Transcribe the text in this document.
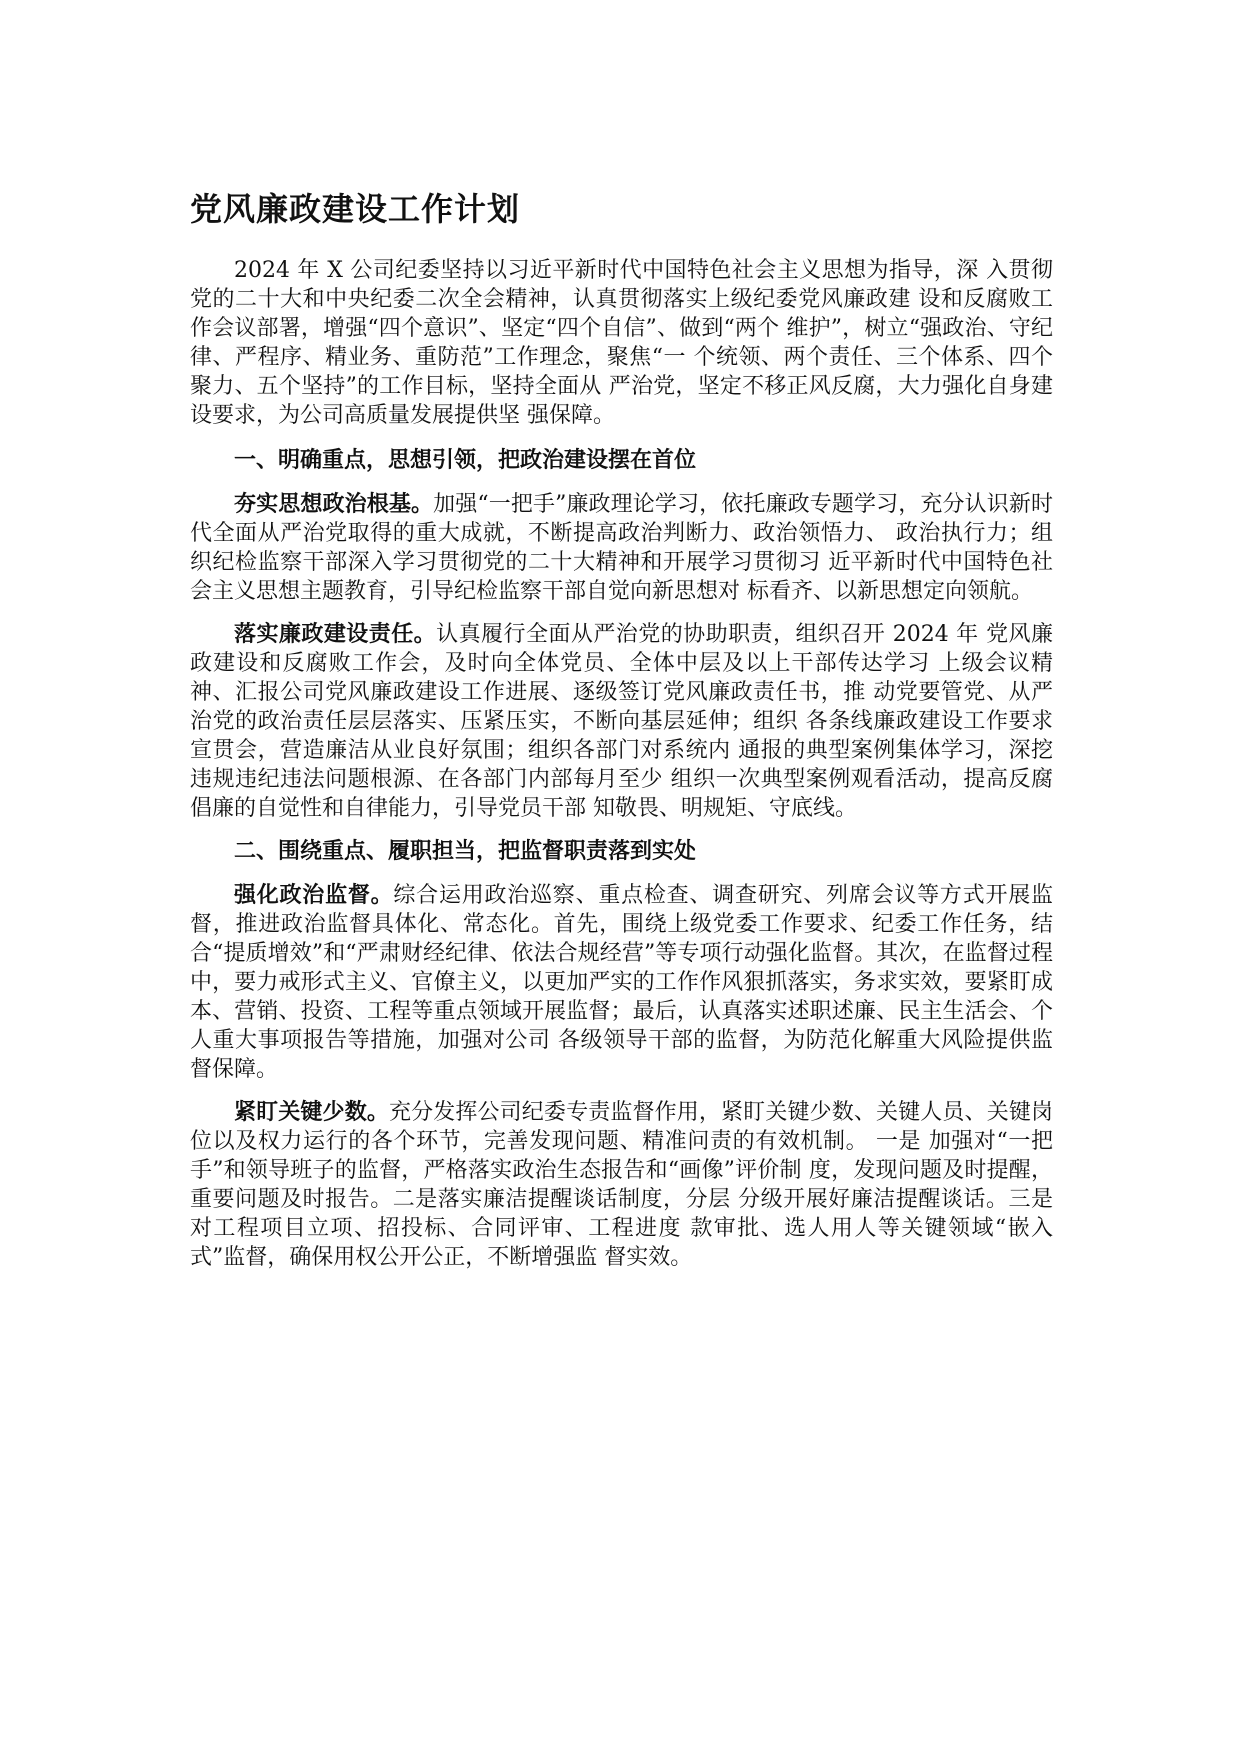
党风廉政建设工作计划

2024 年 X 公司纪委坚持以习近平新时代中国特色社会主义思想为指导，深 入贯彻党的二十大和中央纪委二次全会精神，认真贯彻落实上级纪委党风廉政建 设和反腐败工作会议部署，增强“四个意识”、坚定“四个自信”、做到“两个 维护”，树立“强政治、守纪律、严程序、精业务、重防范”工作理念，聚焦“一 个统领、两个责任、三个体系、四个聚力、五个坚持”的工作目标，坚持全面从 严治党，坚定不移正风反腐，大力强化自身建设要求，为公司高质量发展提供坚 强保障。

一、明确重点，思想引领，把政治建设摆在首位

夯实思想政治根基。加强“一把手”廉政理论学习，依托廉政专题学习，充分认识新时代全面从严治党取得的重大成就，不断提高政治判断力、政治领悟力、 政治执行力；组织纪检监察干部深入学习贯彻党的二十大精神和开展学习贯彻习 近平新时代中国特色社会主义思想主题教育，引导纪检监察干部自觉向新思想对 标看齐、以新思想定向领航。

落实廉政建设责任。认真履行全面从严治党的协助职责，组织召开 2024 年 党风廉政建设和反腐败工作会，及时向全体党员、全体中层及以上干部传达学习 上级会议精神、汇报公司党风廉政建设工作进展、逐级签订党风廉政责任书，推 动党要管党、从严治党的政治责任层层落实、压紧压实，不断向基层延伸；组织 各条线廉政建设工作要求宣贯会，营造廉洁从业良好氛围；组织各部门对系统内 通报的典型案例集体学习，深挖违规违纪违法问题根源、在各部门内部每月至少 组织一次典型案例观看活动，提高反腐倡廉的自觉性和自律能力，引导党员干部 知敬畏、明规矩、守底线。

二、围绕重点、履职担当，把监督职责落到实处

强化政治监督。综合运用政治巡察、重点检查、调查研究、列席会议等方式开展监督，推进政治监督具体化、常态化。首先，围绕上级党委工作要求、纪委工作任务，结合“提质增效”和“严肃财经纪律、依法合规经营”等专项行动强化监督。其次，在监督过程中，要力戒形式主义、官僚主义，以更加严实的工作作风狠抓落实，务求实效，要紧盯成本、营销、投资、工程等重点领域开展监督；最后，认真落实述职述廉、民主生活会、个人重大事项报告等措施，加强对公司 各级领导干部的监督，为防范化解重大风险提供监督保障。

紧盯关键少数。充分发挥公司纪委专责监督作用，紧盯关键少数、关键人员、关键岗位以及权力运行的各个环节，完善发现问题、精准问责的有效机制。 一是 加强对“一把手”和领导班子的监督，严格落实政治生态报告和“画像”评价制 度，发现问题及时提醒，重要问题及时报告。二是落实廉洁提醒谈话制度，分层 分级开展好廉洁提醒谈话。三是对工程项目立项、招投标、合同评审、工程进度 款审批、选人用人等关键领域“嵌入式”监督，确保用权公开公正，不断增强监 督实效。
